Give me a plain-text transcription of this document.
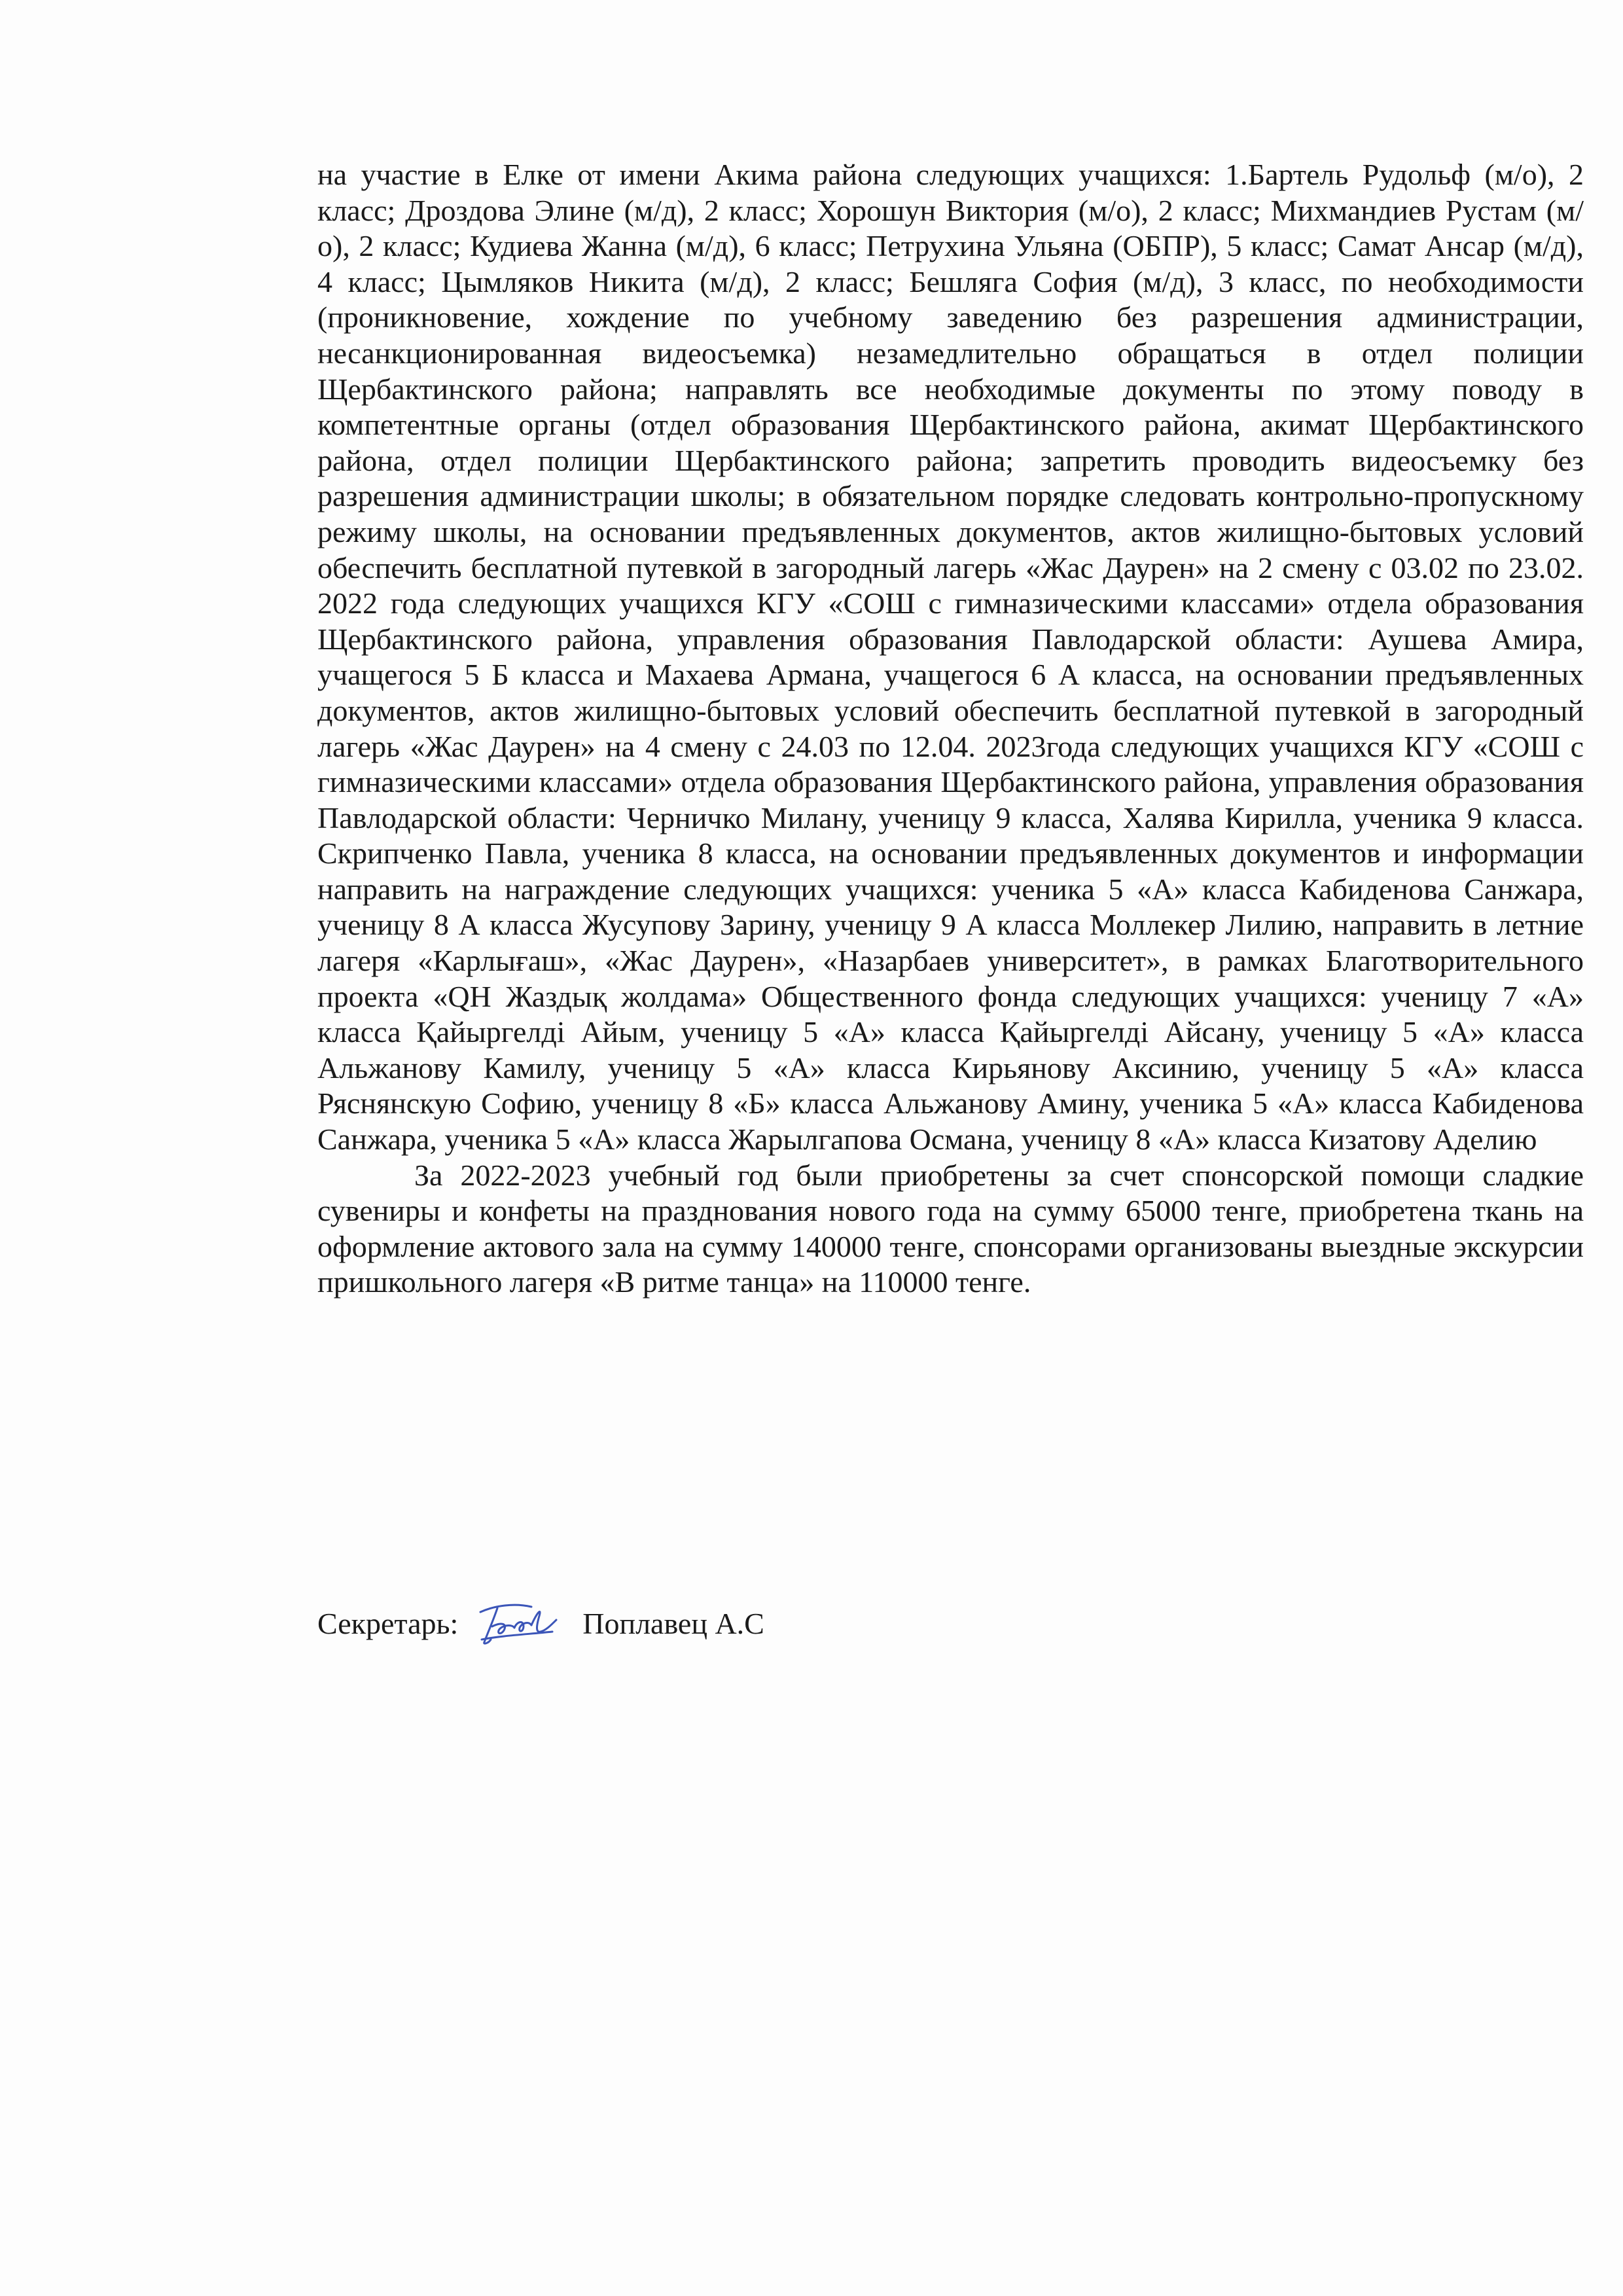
на участие в Елке от имени Акима района следующих учащихся: 1.Бартель Рудольф (м/о), 2 класс; Дроздова Элине (м/д), 2 класс; Хорошун Виктория (м/о), 2 класс; Михмандиев Рустам (м/о), 2 класс; Кудиева Жанна (м/д), 6 класс; Петрухина Ульяна (ОБПР), 5 класс; Самат Ансар (м/д), 4 класс; Цымляков Никита (м/д), 2 класс; Бешляга София (м/д), 3 класс, по необходимости (проникновение, хождение по учебному заведению без разрешения администрации, несанкционированная видеосъемка) незамедлительно обращаться в отдел полиции Щербактинского района; направлять все необходимые документы по этому поводу в компетентные органы (отдел образования Щербактинского района, акимат Щербактинского района, отдел полиции Щербактинского района; запретить проводить видеосъемку без разрешения администрации школы; в обязательном порядке следовать контрольно-пропускному режиму школы, на основании предъявленных документов, актов жилищно-бытовых условий обеспечить бесплатной путевкой в загородный лагерь «Жас Даурен» на 2 смену с 03.02 по 23.02. 2022 года следующих учащихся КГУ «СОШ с гимназическими классами» отдела образования Щербактинского района, управления образования Павлодарской области: Аушева Амира, учащегося 5 Б класса и Махаева Армана, учащегося 6 А класса, на основании предъявленных документов, актов жилищно-бытовых условий обеспечить бесплатной путевкой в загородный лагерь «Жас Даурен» на 4 смену с 24.03 по 12.04. 2023года следующих учащихся КГУ «СОШ с гимназическими классами» отдела образования Щербактинского района, управления образования Павлодарской области: Черничко Милану, ученицу 9 класса, Халява Кирилла, ученика 9 класса. Скрипченко Павла, ученика 8 класса, на основании предъявленных документов и информации направить на награждение следующих учащихся: ученика 5 «А» класса Кабиденова Санжара, ученицу 8 А класса Жусупову Зарину, ученицу 9 А класса Моллекер Лилию, направить в летние лагеря «Карлығаш», «Жас Даурен», «Назарбаев университет», в рамках Благотворительного проекта «QH Жаздық жолдама» Общественного фонда следующих учащихся: ученицу 7 «А» класса Қайыргелді Айым, ученицу 5 «А» класса Қайыргелді Айсану, ученицу 5 «А» класса Альжанову Камилу, ученицу 5 «А» класса Кирьянову Аксинию, ученицу 5 «А» класса Ряснянскую Софию, ученицу 8 «Б» класса Альжанову Амину, ученика 5 «А» класса Кабиденова Санжара, ученика 5 «А» класса Жарылгапова Османа, ученицу 8 «А» класса Кизатову Аделию

За 2022-2023 учебный год были приобретены за счет спонсорской помощи сладкие сувениры и конфеты на празднования нового года на сумму 65000 тенге, приобретена ткань на оформление актового зала на сумму 140000 тенге, спонсорами организованы выездные экскурсии пришкольного лагеря «В ритме танца» на 110000 тенге.

Секретарь:	Поплавец А.С
